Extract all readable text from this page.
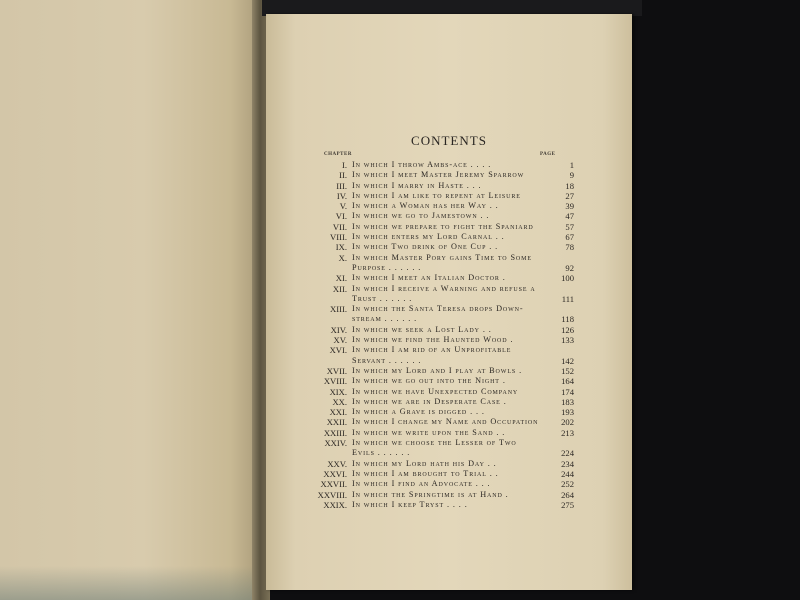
CONTENTS
CHAPTER	PAGE
I. In which I throw Ambs-ace . . . .	1
II. In which I meet Master Jeremy Sparrow	9
III. In which I marry in Haste . . .	18
IV. In which I am like to repent at Leisure	27
V. In which a Woman has her Way . .	39
VI. In which we go to Jamestown . .	47
VII. In which we prepare to fight the Spaniard	57
VIII. In which enters my Lord Carnal . .	67
IX. In which Two drink of One Cup . .	78
X. In which Master Pory gains Time to Some Purpose . . . . . .	92
XI. In which I meet an Italian Doctor .	100
XII. In which I receive a Warning and refuse a Trust . . . . . .	111
XIII. In which the Santa Teresa drops Down-stream . . . . . .	118
XIV. In which we seek a Lost Lady . .	126
XV. In which we find the Haunted Wood .	133
XVI. In which I am rid of an Unprofitable Servant . . . . . .	142
XVII. In which my Lord and I play at Bowls .	152
XVIII. In which we go out into the Night .	164
XIX. In which we have Unexpected Company	174
XX. In which we are in Desperate Case .	183
XXI. In which a Grave is digged . . .	193
XXII. In which I change my Name and Occupation	202
XXIII. In which we write upon the Sand . .	213
XXIV. In which we choose the Lesser of Two Evils . . . . . .	224
XXV. In which my Lord hath his Day . .	234
XXVI. In which I am brought to Trial . .	244
XXVII. In which I find an Advocate . . .	252
XXVIII. In which the Springtime is at Hand .	264
XXIX. In which I keep Tryst . . . .	275
